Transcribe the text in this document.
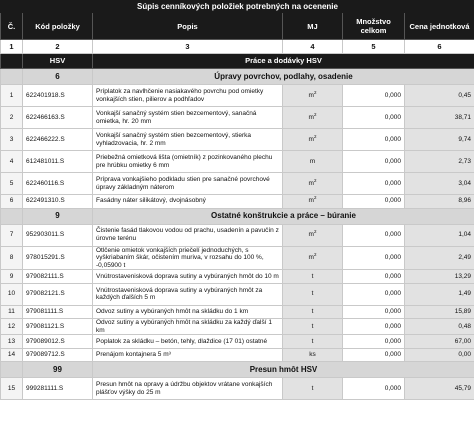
Súpis cenníkových položiek potrebných na ocenenie					
Č.	Kód položky	Popis	MJ	Množstvo celkom	Cena jednotková
1	2	3	4	5	6
	HSV	Práce a dodávky HSV			
	6	Úpravy povrchov, podlahy, osadenie			
1	622401918.S	Príplatok za navlhčenie nasiakavého povrchu pod omietky vonkajších stien, pilierov a podhľadov	$m^2$	0,000	0,45
2	622466163.S	Vonkajší sanačný systém stien bezcementový, sanačná omietka, hr. 20 mm	$m^2$	0,000	38,71
3	622466222.S	Vonkajší sanačný systém stien bezcementový, stierka vyhladzovacia, hr. 2 mm	$m^2$	0,000	9,74
4	612481011.S	Priebežná omietková lišta (omietník) z pozinkovaného plechu pre hrúbku omietky 6 mm	m	0,000	2,73
5	622460116.S	Príprava vonkajšieho podkladu stien pre sanačné povrchové úpravy základným náterom	$m^2$	0,000	3,04
6	622491310.S	Fasádny náter silikátový, dvojnásobný	$m^2$	0,000	8,96
	9	Ostatné konštrukcie a práce – búranie			
7	952903011.S	Čistenie fasád tlakovou vodou od prachu, usadenín a pavučín z úrovne terénu	$m^2$	0,000	1,04
8	978015291.S	Otlčenie omietok vonkajších priečelí jednoduchých, s vyškriabaním škár, očistením muriva, v rozsahu do 100 %, -0,05900 t	$m^2$	0,000	2,49
9	979082111.S	Vnútrostavenisková doprava sutiny a vybúraných hmôt do 10 m	t	0,000	13,29
10	979082121.S	Vnútrostavenisková doprava sutiny a vybúraných hmôt za každých ďalších 5 m	t	0,000	1,49
11	979081111.S	Odvoz sutiny a vybúraných hmôt na skládku do 1 km	t	0,000	15,89
12	979081121.S	Odvoz sutiny a vybúraných hmôt na skládku za každý ďalší 1 km	t	0,000	0,48
13	979089012.S	Poplatok za skládku – betón, tehly, dlaždice (17 01) ostatné	t	0,000	67,00
14	979089712.S	Prenájom kontajnera 5 m³	ks	0,000	0,00
	99	Presun hmôt HSV			
15	999281111.S	Presun hmôt na opravy a údržbu objektov vrátane vonkajších plášťov výšky do 25 m	t	0,000	45,79
